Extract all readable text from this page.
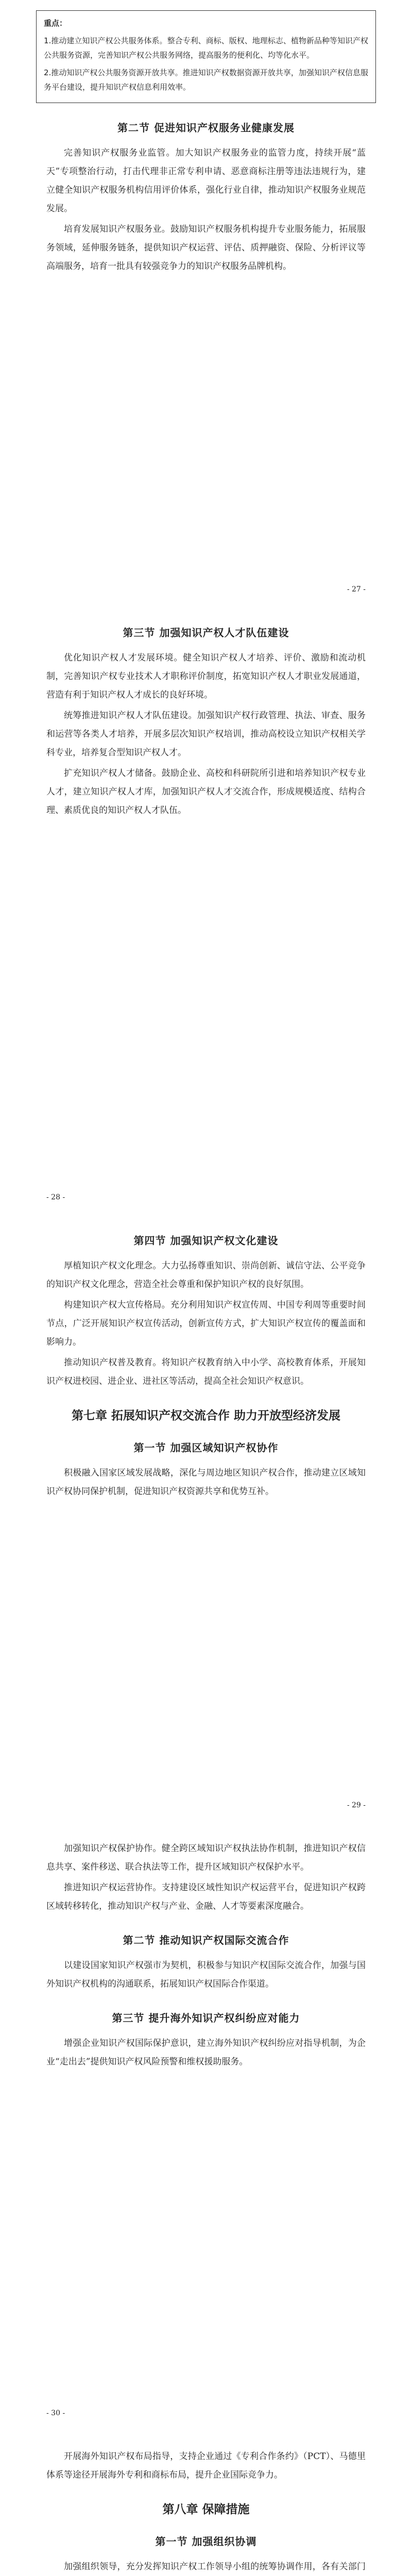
重点：

1.推动建立知识产权公共服务体系。整合专利、商标、版权、地理标志、植物新品种等知识产权公共服务资源，完善知识产权公共服务网络，提高服务的便利化、均等化水平。

2.推动知识产权公共服务资源开放共享。推进知识产权数据资源开放共享，加强知识产权信息服务平台建设，提升知识产权信息利用效率。

第二节 促进知识产权服务业健康发展

完善知识产权服务业监管。加大知识产权服务业的监管力度，持续开展“蓝天”专项整治行动，打击代理非正常专利申请、恶意商标注册等违法违规行为，建立健全知识产权服务机构信用评价体系，强化行业自律，推动知识产权服务业规范发展。

培育发展知识产权服务业。鼓励知识产权服务机构提升专业服务能力，拓展服务领域，延伸服务链条，提供知识产权运营、评估、质押融资、保险、分析评议等高端服务，培育一批具有较强竞争力的知识产权服务品牌机构。

- 27 -
第三节 加强知识产权人才队伍建设

优化知识产权人才发展环境。健全知识产权人才培养、评价、激励和流动机制，完善知识产权专业技术人才职称评价制度，拓宽知识产权人才职业发展通道，营造有利于知识产权人才成长的良好环境。

统筹推进知识产权人才队伍建设。加强知识产权行政管理、执法、审查、服务和运营等各类人才培养，开展多层次知识产权培训，推动高校设立知识产权相关学科专业，培养复合型知识产权人才。

扩充知识产权人才储备。鼓励企业、高校和科研院所引进和培养知识产权专业人才，建立知识产权人才库，加强知识产权人才交流合作，形成规模适度、结构合理、素质优良的知识产权人才队伍。

- 28 -
第四节 加强知识产权文化建设

厚植知识产权文化理念。大力弘扬尊重知识、崇尚创新、诚信守法、公平竞争的知识产权文化理念，营造全社会尊重和保护知识产权的良好氛围。

构建知识产权大宣传格局。充分利用知识产权宣传周、中国专利周等重要时间节点，广泛开展知识产权宣传活动，创新宣传方式，扩大知识产权宣传的覆盖面和影响力。

推动知识产权普及教育。将知识产权教育纳入中小学、高校教育体系，开展知识产权进校园、进企业、进社区等活动，提高全社会知识产权意识。

第七章 拓展知识产权交流合作 助力开放型经济发展
第一节 加强区域知识产权协作

积极融入国家区域发展战略，深化与周边地区知识产权合作，推动建立区域知识产权协同保护机制，促进知识产权资源共享和优势互补。

- 29 -

加强知识产权保护协作。健全跨区域知识产权执法协作机制，推进知识产权信息共享、案件移送、联合执法等工作，提升区域知识产权保护水平。

推进知识产权运营协作。支持建设区域性知识产权运营平台，促进知识产权跨区域转移转化，推动知识产权与产业、金融、人才等要素深度融合。

第二节 推动知识产权国际交流合作

以建设国家知识产权强市为契机，积极参与知识产权国际交流合作，加强与国外知识产权机构的沟通联系，拓展知识产权国际合作渠道。

第三节 提升海外知识产权纠纷应对能力

增强企业知识产权国际保护意识，建立海外知识产权纠纷应对指导机制，为企业“走出去”提供知识产权风险预警和维权援助服务。

- 30 -

开展海外知识产权布局指导，支持企业通过《专利合作条约》（PCT）、马德里体系等途径开展海外专利和商标布局，提升企业国际竞争力。

第八章 保障措施
第一节 加强组织协调

加强组织领导，充分发挥知识产权工作领导小组的统筹协调作用，各有关部门
